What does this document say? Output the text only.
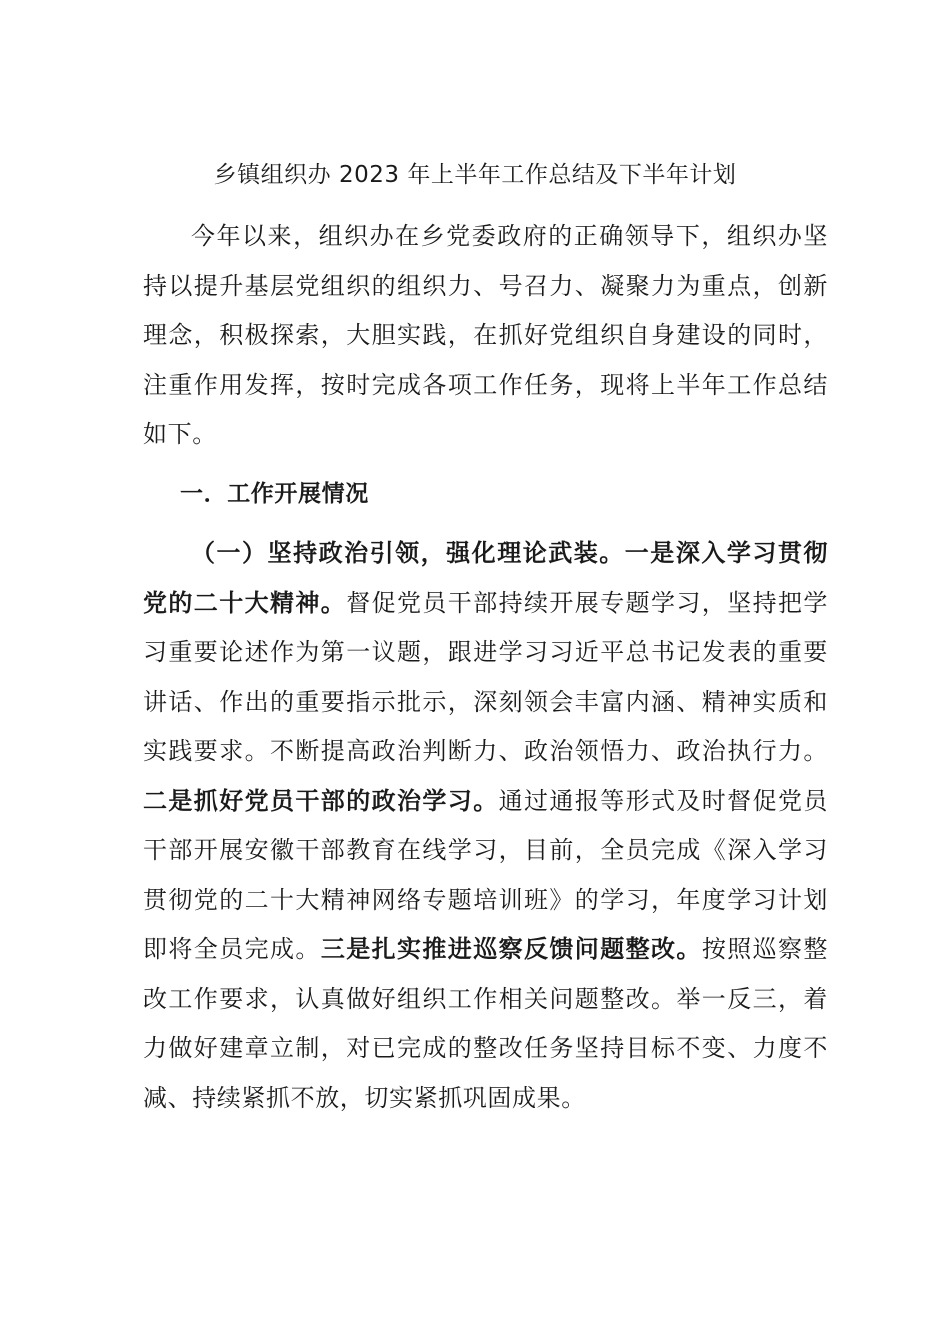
乡镇组织办 2023 年上半年工作总结及下半年计划

今年以来，组织办在乡党委政府的正确领导下，组织办坚持以提升基层党组织的组织力、号召力、凝聚力为重点，创新理念，积极探索，大胆实践，在抓好党组织自身建设的同时，注重作用发挥，按时完成各项工作任务，现将上半年工作总结如下。

一．工作开展情况

（一）坚持政治引领，强化理论武装。一是深入学习贯彻党的二十大精神。督促党员干部持续开展专题学习，坚持把学习重要论述作为第一议题，跟进学习习近平总书记发表的重要讲话、作出的重要指示批示，深刻领会丰富内涵、精神实质和实践要求。不断提高政治判断力、政治领悟力、政治执行力。二是抓好党员干部的政治学习。通过通报等形式及时督促党员干部开展安徽干部教育在线学习，目前，全员完成《深入学习贯彻党的二十大精神网络专题培训班》的学习，年度学习计划即将全员完成。三是扎实推进巡察反馈问题整改。按照巡察整改工作要求，认真做好组织工作相关问题整改。举一反三，着力做好建章立制，对已完成的整改任务坚持目标不变、力度不减、持续紧抓不放，切实紧抓巩固成果。
